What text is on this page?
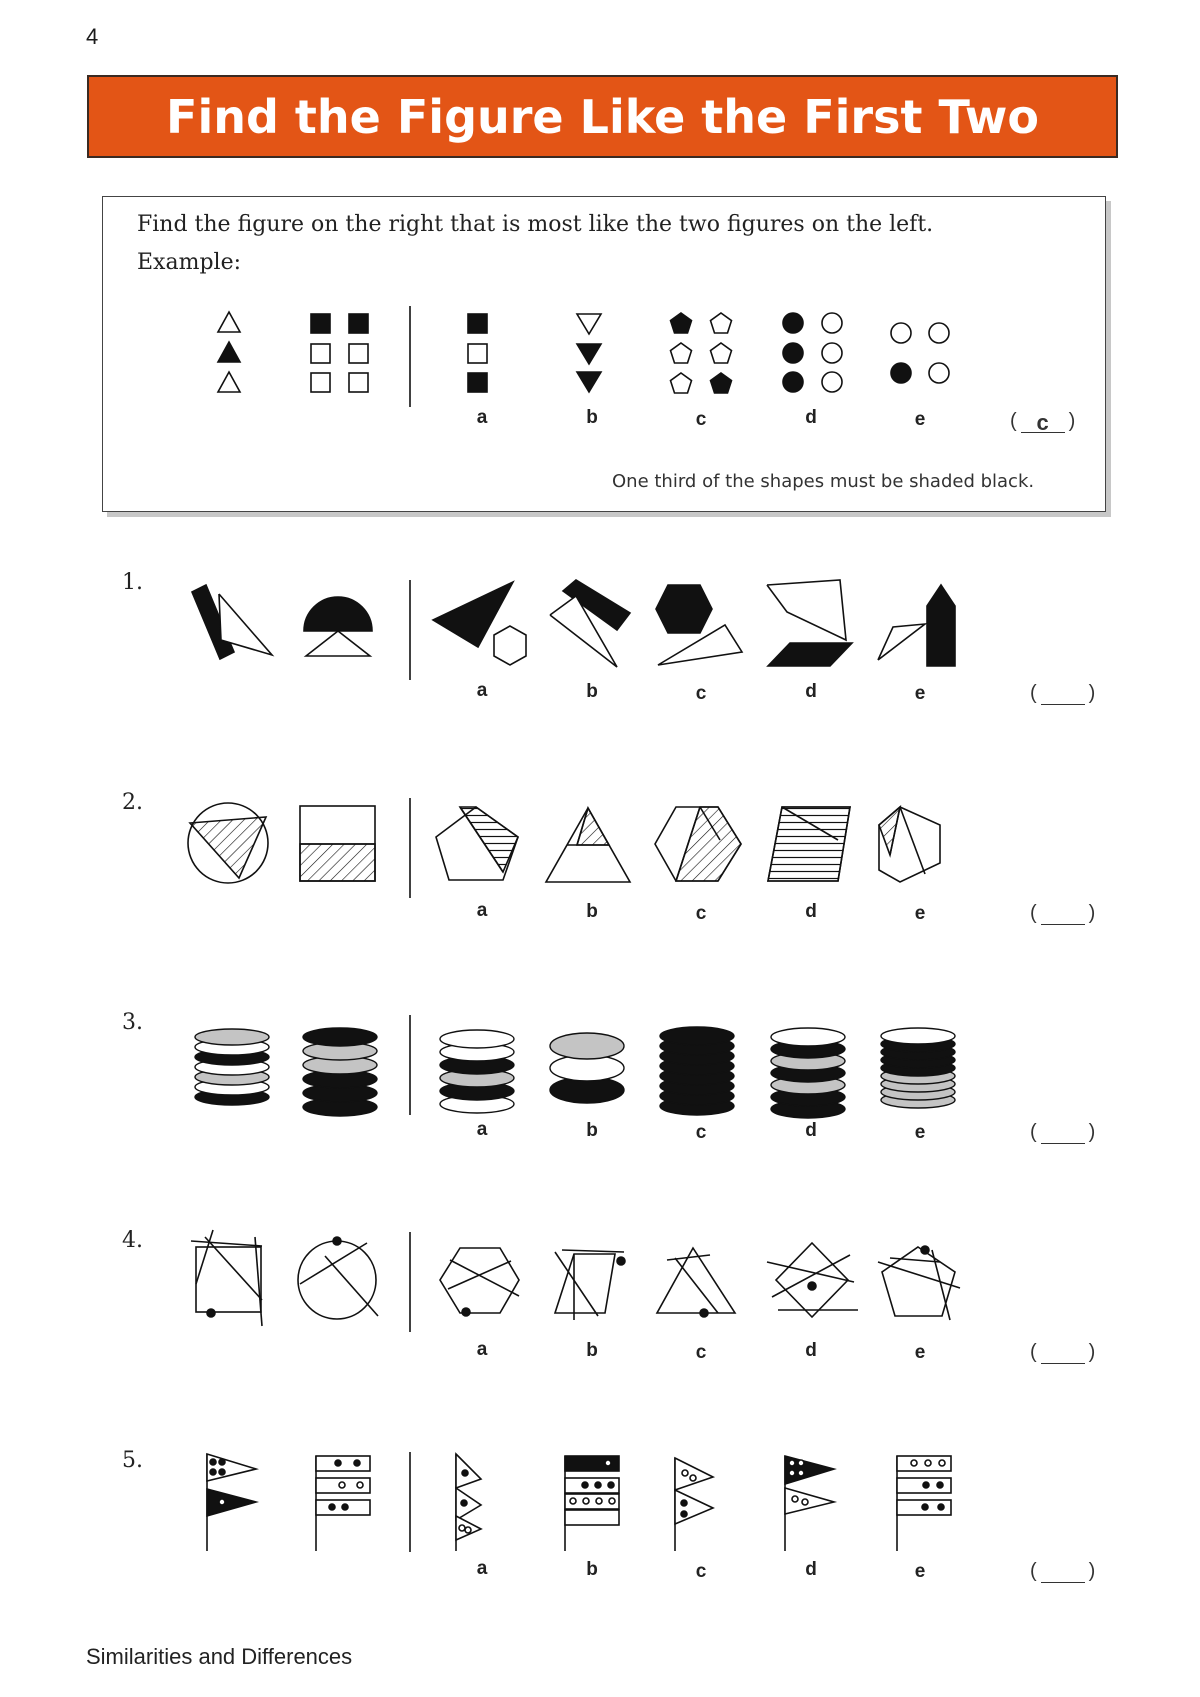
4
Find the Figure Like the First Two
Find the figure on the right that is most like the two figures on the left.
Example:
a	b	c	d	e	( c )
One third of the shapes must be shaded black.
1.
2.
3.
4.
5.
a	b	c	d	e	(	)
a	b	c	d	e	(	)
a	b	c	d	e	(	)
a	b	c	d	e	(	)
a	b	c	d	e	(	)
Similarities and Differences
